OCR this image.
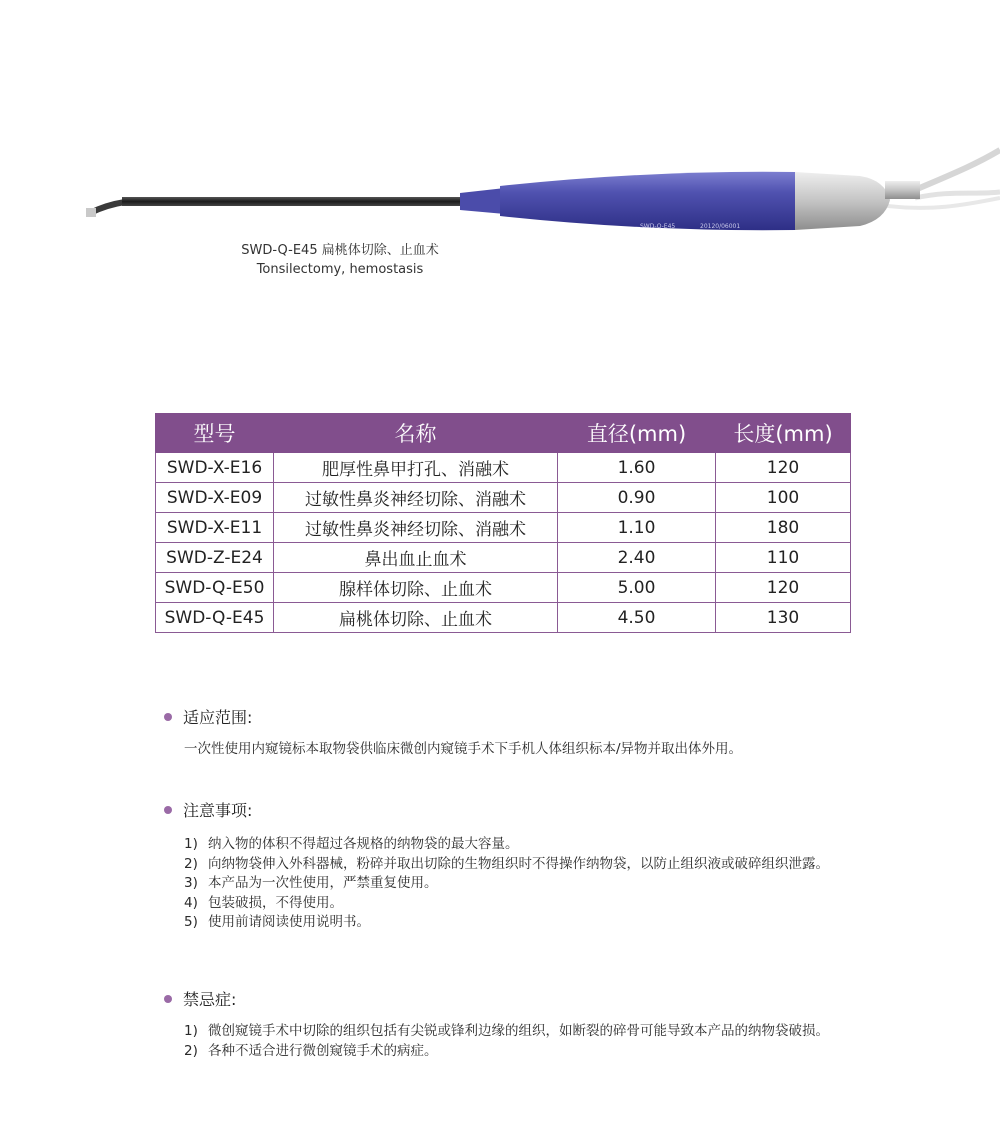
SWD-Q-E45	20120/06001
SWD-Q-E45 扁桃体切除、止血术
Tonsilectomy, hemostasis
型号	名称	直径(mm)	长度(mm)
SWD-X-E16	肥厚性鼻甲打孔、消融术	1.60	120
SWD-X-E09	过敏性鼻炎神经切除、消融术	0.90	100
SWD-X-E11	过敏性鼻炎神经切除、消融术	1.10	180
SWD-Z-E24	鼻出血止血术	2.40	110
SWD-Q-E50	腺样体切除、止血术	5.00	120
SWD-Q-E45	扁桃体切除、止血术	4.50	130
适应范围:
一次性使用内窥镜标本取物袋供临床微创内窥镜手术下手机人体组织标本/异物并取出体外用。
注意事项:
1) 纳入物的体积不得超过各规格的纳物袋的最大容量。
2) 向纳物袋伸入外科器械，粉碎并取出切除的生物组织时不得操作纳物袋，以防止组织液或破碎组织泄露。
3) 本产品为一次性使用，严禁重复使用。
4) 包装破损，不得使用。
5) 使用前请阅读使用说明书。
禁忌症:
1) 微创窥镜手术中切除的组织包括有尖锐或锋利边缘的组织，如断裂的碎骨可能导致本产品的纳物袋破损。
2) 各种不适合进行微创窥镜手术的病症。
